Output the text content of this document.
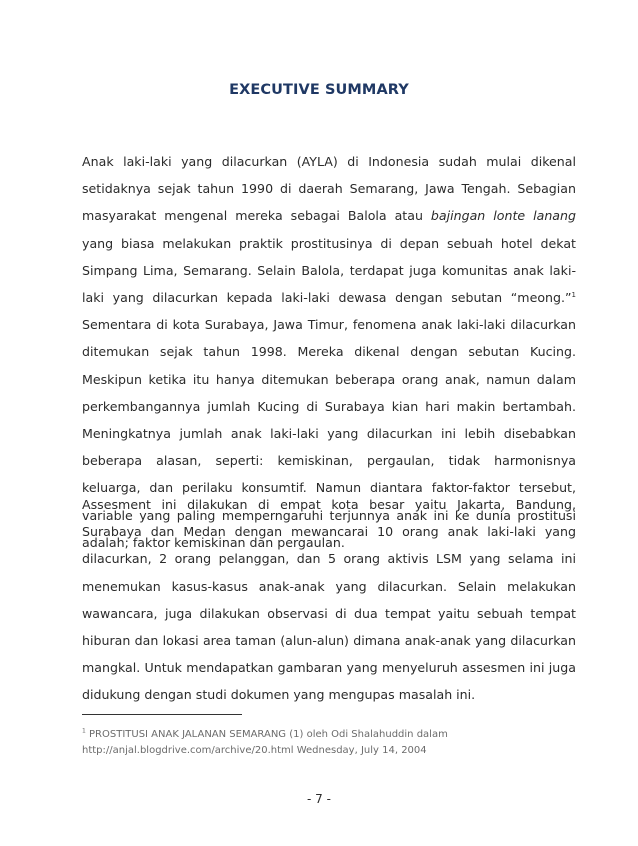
EXECUTIVE SUMMARY

Anak laki-laki yang dilacurkan (AYLA) di Indonesia sudah mulai dikenal setidaknya sejak tahun 1990 di daerah Semarang, Jawa Tengah. Sebagian masyarakat mengenal mereka sebagai Balola atau bajingan lonte lanang yang biasa melakukan praktik prostitusinya di depan sebuah hotel dekat Simpang Lima, Semarang. Selain Balola, terdapat juga komunitas anak laki-laki yang dilacurkan kepada laki-laki dewasa dengan sebutan “meong.”$^1$ Sementara di kota Surabaya, Jawa Timur, fenomena anak laki-laki dilacurkan ditemukan sejak tahun 1998. Mereka dikenal dengan sebutan Kucing. Meskipun ketika itu hanya ditemukan beberapa orang anak, namun dalam perkembangannya jumlah Kucing di Surabaya kian hari makin bertambah. Meningkatnya jumlah anak laki-laki yang dilacurkan ini lebih disebabkan beberapa alasan, seperti: kemiskinan, pergaulan, tidak harmonisnya keluarga, dan perilaku konsumtif. Namun diantara faktor-faktor tersebut, variable yang paling memperngaruhi terjunnya anak ini ke dunia prostitusi adalah; faktor kemiskinan dan pergaulan.

Assesment ini dilakukan di empat kota besar yaitu Jakarta, Bandung, Surabaya dan Medan dengan mewancarai 10 orang anak laki-laki yang dilacurkan, 2 orang pelanggan, dan 5 orang aktivis LSM yang selama ini menemukan kasus-kasus anak-anak yang dilacurkan. Selain melakukan wawancara, juga dilakukan observasi di dua tempat yaitu sebuah tempat hiburan dan lokasi area taman (alun-alun) dimana anak-anak yang dilacurkan mangkal. Untuk mendapatkan gambaran yang menyeluruh assesmen ini juga didukung dengan studi dokumen yang mengupas masalah ini.

$^1$ PROSTITUSI ANAK JALANAN SEMARANG (1) oleh Odi Shalahuddin dalam
http://anjal.blogdrive.com/archive/20.html Wednesday, July 14, 2004

- 7 -
